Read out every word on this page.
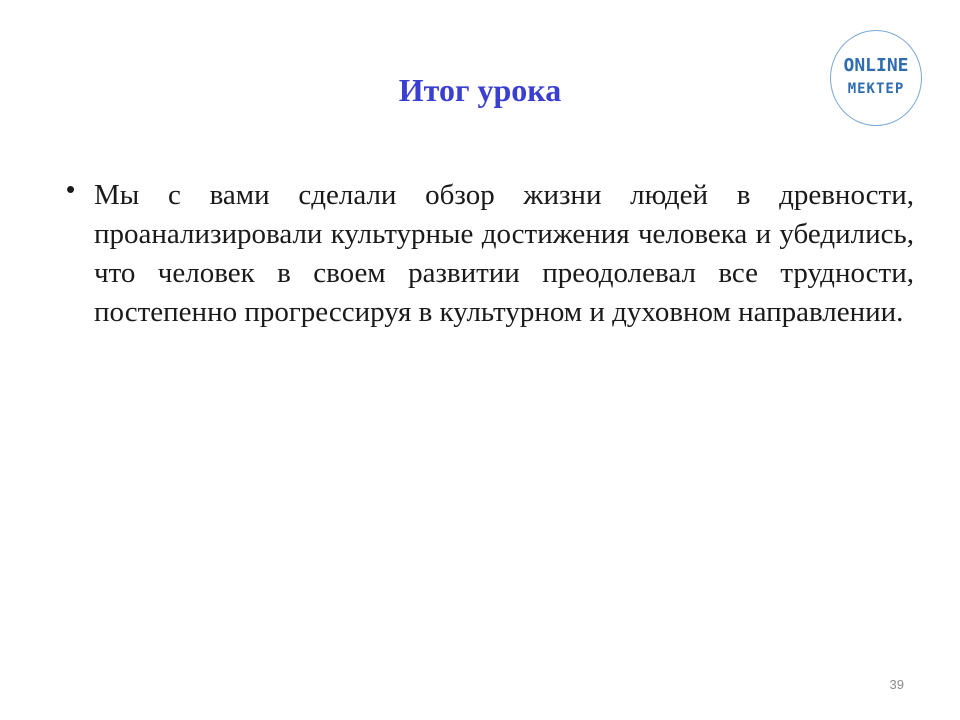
Итог урока
ONLINE
МЕКТЕР
• Мы с вами сделали обзор жизни людей в древности, проанализировали культурные достижения человека и убедились, что человек в своем развитии преодолевал все трудности, постепенно прогрессируя в культурном и духовном направлении.

39
